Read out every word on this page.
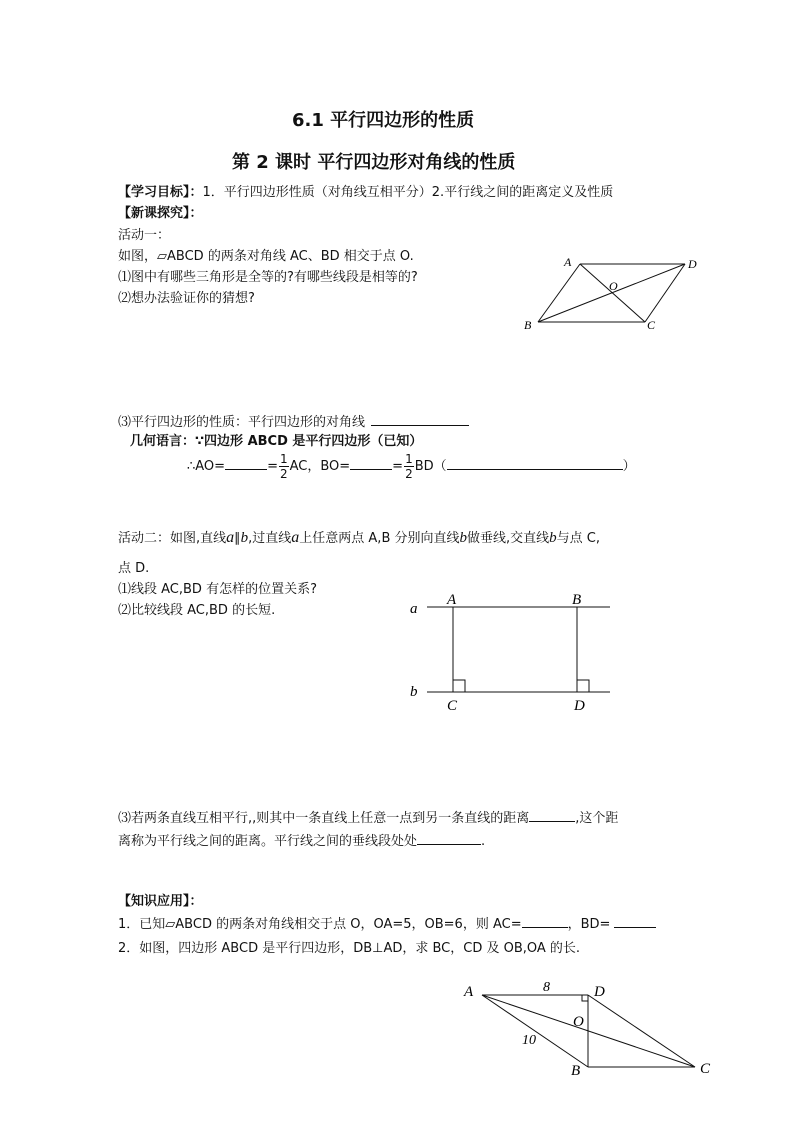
6.1 平行四边形的性质
第 2 课时 平行四边形对角线的性质
【学习目标】：1．平行四边形性质（对角线互相平分）2.平行线之间的距离定义及性质
【新课探究】：
活动一：
如图，▱ABCD 的两条对角线 AC、BD 相交于点 O.
⑴图中有哪些三角形是全等的?有哪些线段是相等的?
⑵想办法验证你的猜想?
A	D
O
B	C
⑶平行四边形的性质：平行四边形的对角线
几何语言：∵四边形 ABCD 是平行四边形（已知）
∴AO=	= $\frac{1}{2}$ AC，BO=	= $\frac{1}{2} BD$（	）
活动二：如图,直线a∥b,过直线a上任意两点 A,B 分别向直线b做垂线,交直线b与点 C,
点 D.
⑴线段 AC,BD 有怎样的位置关系?
⑵比较线段 AC,BD 的长短.	a
b
A	B
C	D
⑶若两条直线互相平行,,则其中一条直线上任意一点到另一条直线的距离	,这个距
离称为平行线之间的距离。平行线之间的垂线段处处	.
【知识应用】：
1．已知▱ABCD 的两条对角线相交于点 O，OA=5，OB=6，则 AC=	，BD=
2．如图，四边形 ABCD 是平行四边形，DB⊥AD，求 BC，CD 及 OB,OA 的长.
A	D
O
B	C
8
10
